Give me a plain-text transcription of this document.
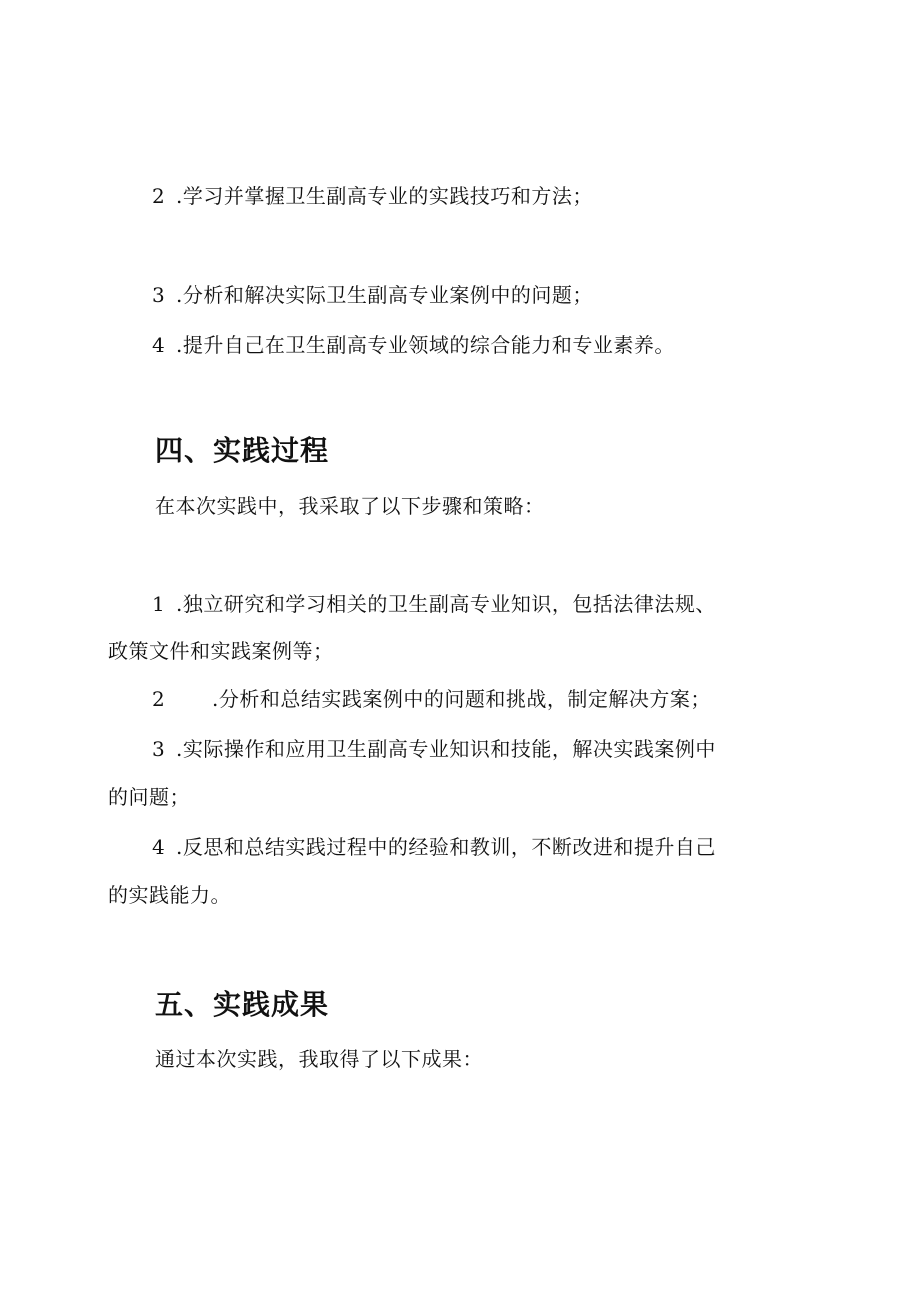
2 .学习并掌握卫生副高专业的实践技巧和方法；
3 .分析和解决实际卫生副高专业案例中的问题；
4 .提升自己在卫生副高专业领域的综合能力和专业素养。
四、实践过程
在本次实践中，我采取了以下步骤和策略：
1 .独立研究和学习相关的卫生副高专业知识，包括法律法规、
政策文件和实践案例等；
2 .分析和总结实践案例中的问题和挑战，制定解决方案；
3 .实际操作和应用卫生副高专业知识和技能，解决实践案例中
的问题；
4 .反思和总结实践过程中的经验和教训，不断改进和提升自己
的实践能力。
五、实践成果
通过本次实践，我取得了以下成果：
